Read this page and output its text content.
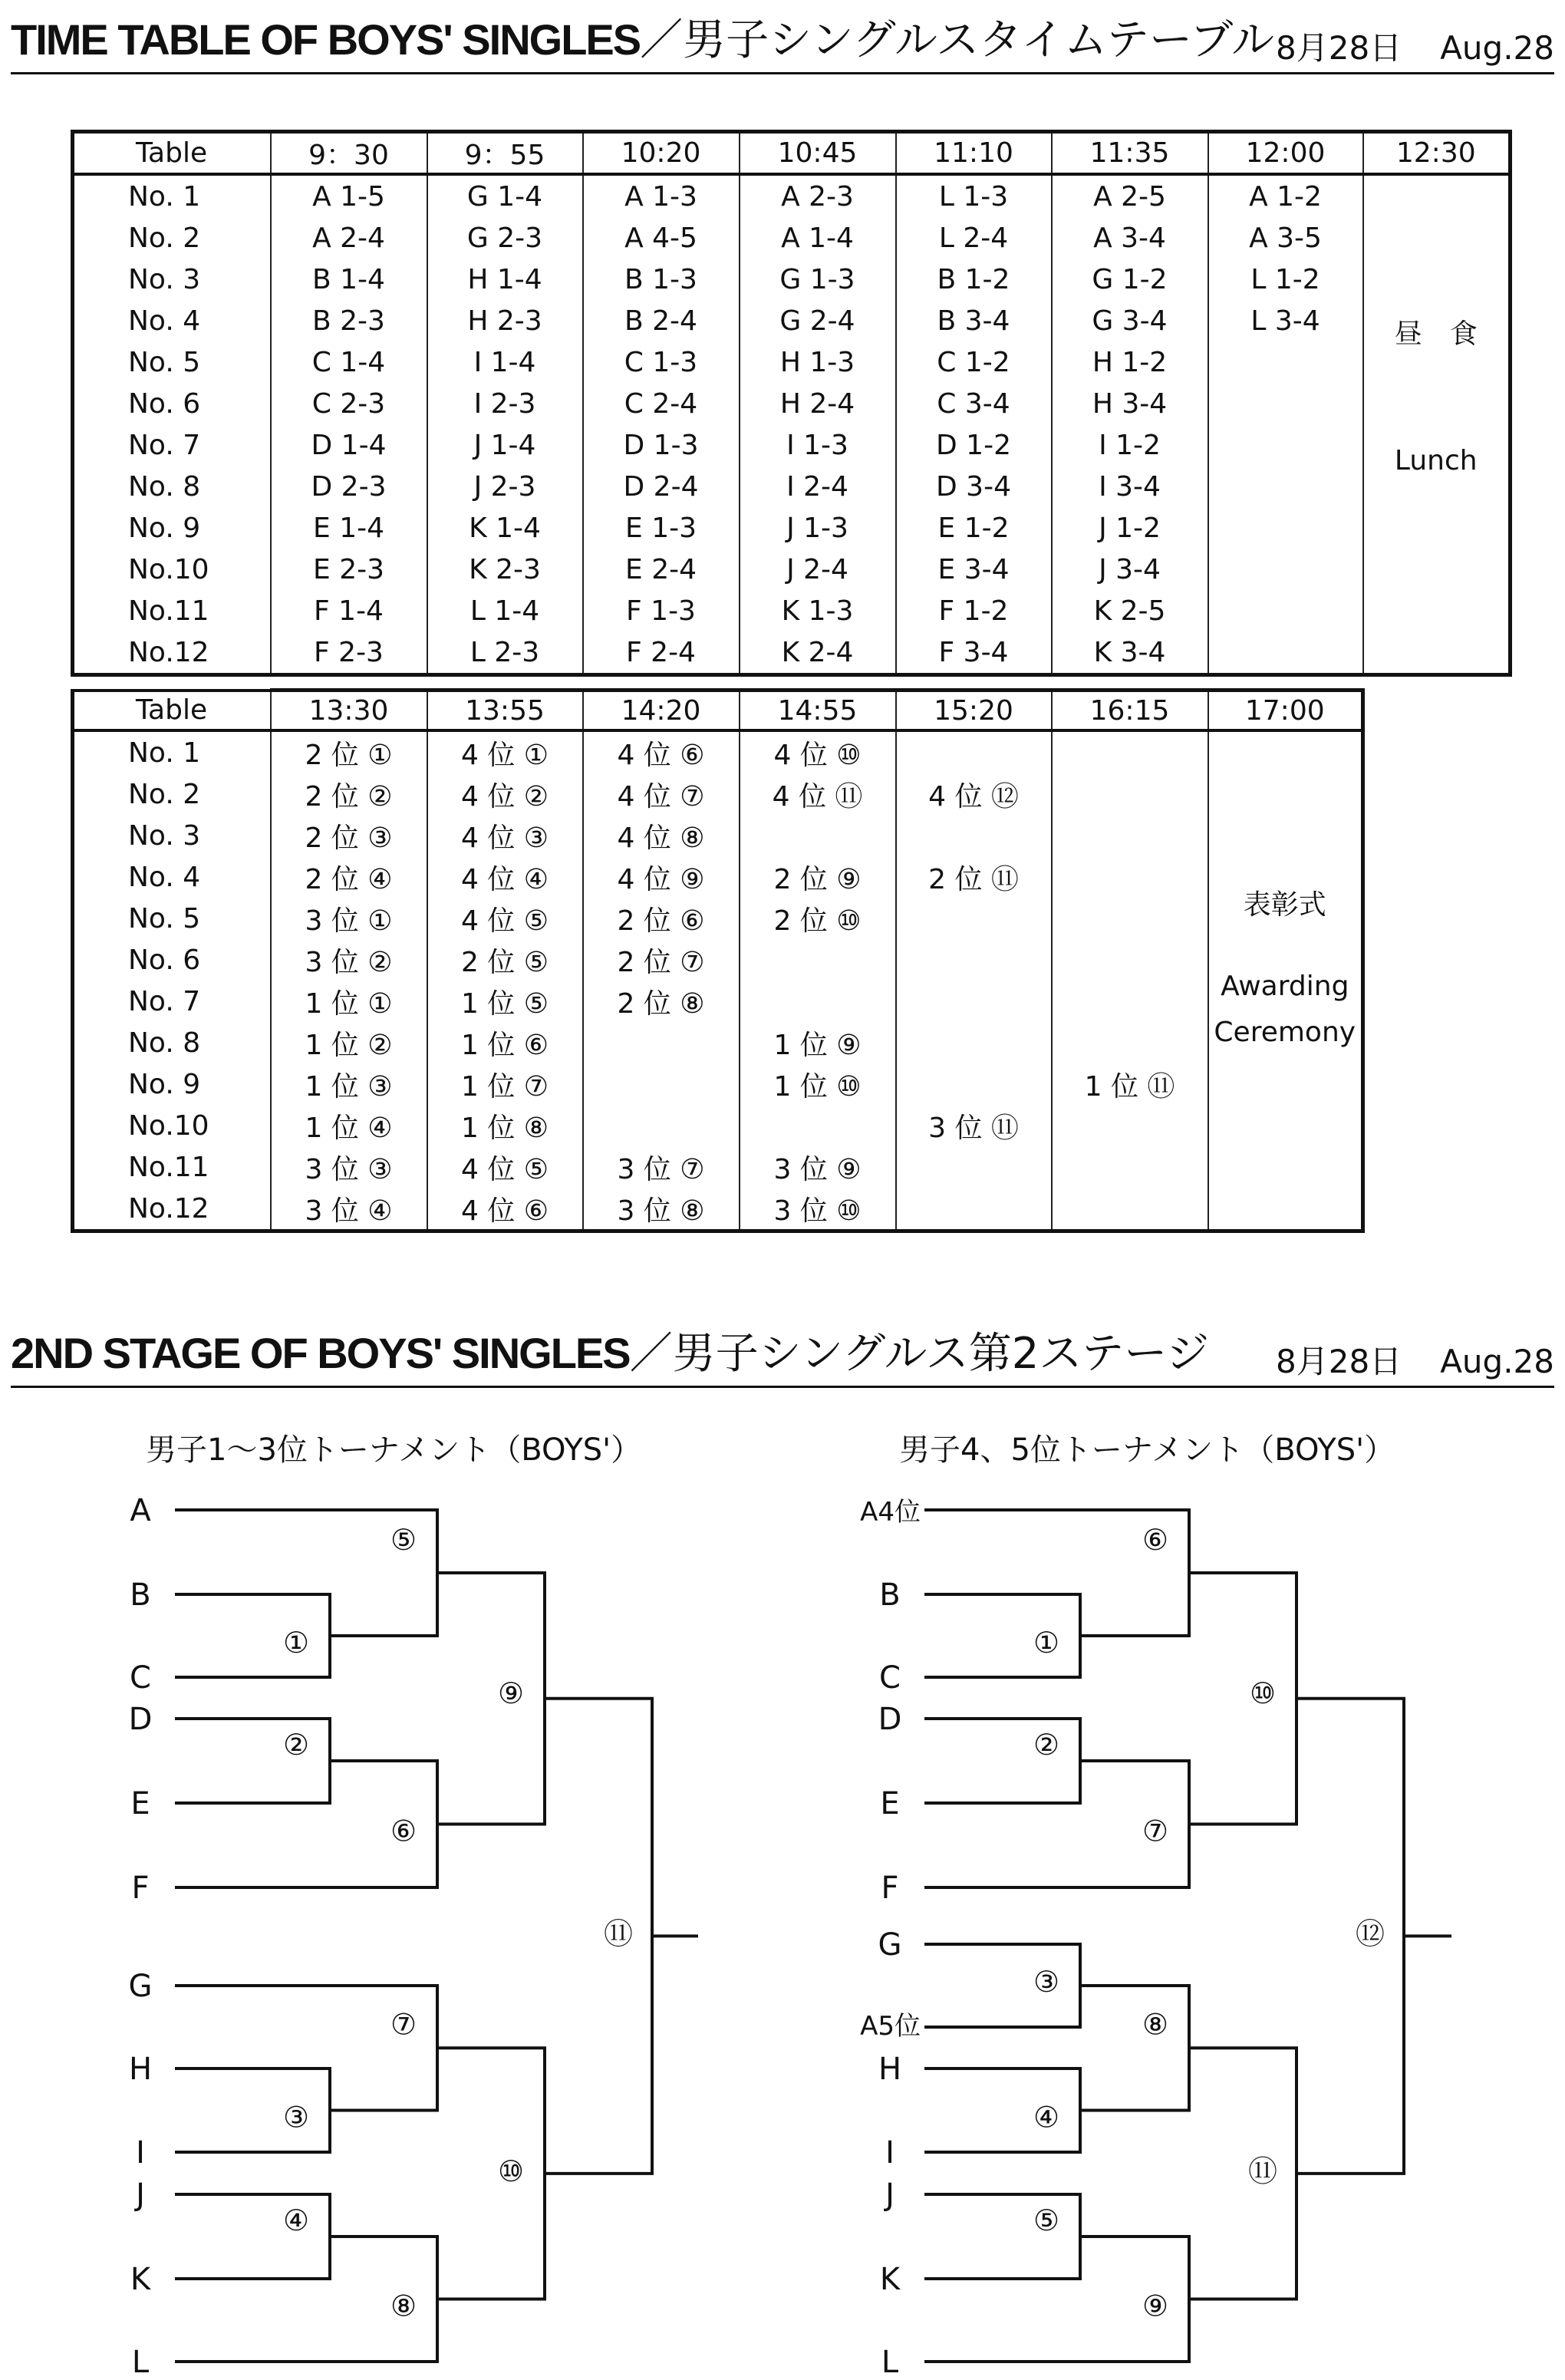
TIME TABLE OF BOYS' SINGLES／男子シングルスタイムテーブル 8月28日 Aug.28
Table	9：30	9：55	10:20	10:45	11:10	11:35	12:00	12:30
No. 1	A 1-5	G 1-4	A 1-3	A 2-3	L 1-3	A 2-5	A 1-2	昼　食
Lunch

No. 2	A 2-4	G 2-3	A 4-5	A 1-4	L 2-4	A 3-4	A 3-5	
No. 3	B 1-4	H 1-4	B 1-3	G 1-3	B 1-2	G 1-2	L 1-2	
No. 4	B 2-3	H 2-3	B 2-4	G 2-4	B 3-4	G 3-4	L 3-4	
No. 5	C 1-4	I 1-4	C 1-3	H 1-3	C 1-2	H 1-2		
No. 6	C 2-3	I 2-3	C 2-4	H 2-4	C 3-4	H 3-4		
No. 7	D 1-4	J 1-4	D 1-3	I 1-3	D 1-2	I 1-2		
No. 8	D 2-3	J 2-3	D 2-4	I 2-4	D 3-4	I 3-4		
No. 9	E 1-4	K 1-4	E 1-3	J 1-3	E 1-2	J 1-2		
No.10	E 2-3	K 2-3	E 2-4	J 2-4	E 3-4	J 3-4		
No.11	F 1-4	L 1-4	F 1-3	K 1-3	F 1-2	K 2-5		
No.12	F 2-3	L 2-3	F 2-4	K 2-4	F 3-4	K 3-4		
Table	13:30	13:55	14:20	14:55	15:20	16:15	17:00
No. 1	2 位 ①	4 位 ①	4 位 ⑥	4 位 ⑩			表彰式
Awarding
Ceremony

No. 2	2 位 ②	4 位 ②	4 位 ⑦	4 位 ⑪	4 位 ⑫		
No. 3	2 位 ③	4 位 ③	4 位 ⑧				
No. 4	2 位 ④	4 位 ④	4 位 ⑨	2 位 ⑨	2 位 ⑪		
No. 5	3 位 ①	4 位 ⑤	2 位 ⑥	2 位 ⑩			
No. 6	3 位 ②	2 位 ⑤	2 位 ⑦				
No. 7	1 位 ①	1 位 ⑤	2 位 ⑧				
No. 8	1 位 ②	1 位 ⑥		1 位 ⑨			
No. 9	1 位 ③	1 位 ⑦		1 位 ⑩		1 位 ⑪	
No.10	1 位 ④	1 位 ⑧			3 位 ⑪		
No.11	3 位 ③	4 位 ⑤	3 位 ⑦	3 位 ⑨			
No.12	3 位 ④	4 位 ⑥	3 位 ⑧	3 位 ⑩			
2ND STAGE OF BOYS' SINGLES／男子シングルス第2ステージ 8月28日 Aug.28
男子1～3位トーナメント（BOYS'）	男子4、5位トーナメント（BOYS'）
A
B
C
D
E
F
G
H
I
J
K
L
⑤
①
⑨
②
⑥
⑪
⑦
③
⑩
④
⑧
A4位
B
C
D
E
F
G
A5位
H
I
J
K
L
⑥
①
⑩
②
⑦
⑫
③
⑧
④
⑪
⑤
⑨
